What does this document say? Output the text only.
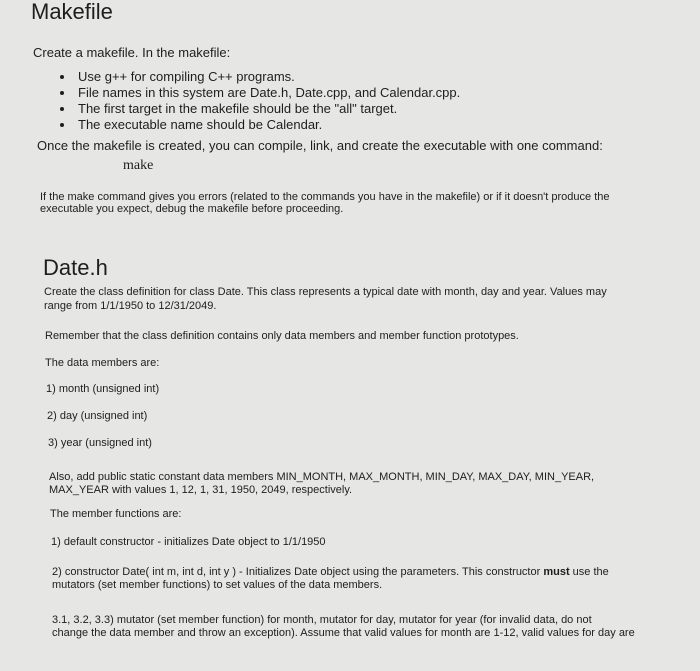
Makefile
Create a makefile. In the makefile:
Use g++ for compiling C++ programs.
File names in this system are Date.h, Date.cpp, and Calendar.cpp.
The first target in the makefile should be the "all" target.
The executable name should be Calendar.
Once the makefile is created, you can compile, link, and create the executable with one command:
make
If the make command gives you errors (related to the commands you have in the makefile) or if it doesn't produce the
executable you expect, debug the makefile before proceeding.
Date.h
Create the class definition for class Date. This class represents a typical date with month, day and year. Values may
range from 1/1/1950 to 12/31/2049.
Remember that the class definition contains only data members and member function prototypes.
The data members are:
1) month (unsigned int)
2) day (unsigned int)
3) year (unsigned int)
Also, add public static constant data members MIN_MONTH, MAX_MONTH, MIN_DAY, MAX_DAY, MIN_YEAR,
MAX_YEAR with values 1, 12, 1, 31, 1950, 2049, respectively.
The member functions are:
1) default constructor - initializes Date object to 1/1/1950
2) constructor Date( int m, int d, int y ) - Initializes Date object using the parameters. This constructor must use the
mutators (set member functions) to set values of the data members.
3.1, 3.2, 3.3) mutator (set member function) for month, mutator for day, mutator for year (for invalid data, do not
change the data member and throw an exception). Assume that valid values for month are 1-12, valid values for day are
